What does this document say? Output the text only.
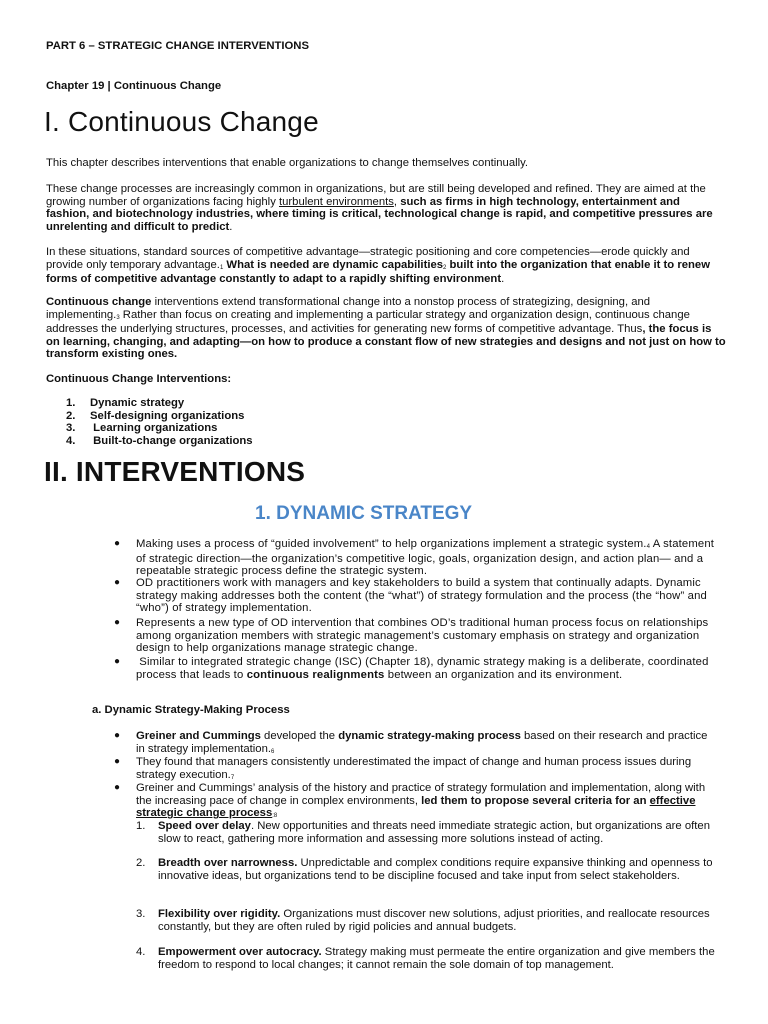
PART 6 – STRATEGIC CHANGE INTERVENTIONS
Chapter 19 | Continuous Change
I. Continuous Change
This chapter describes interventions that enable organizations to change themselves continually.
These change processes are increasingly common in organizations, but are still being developed and refined. They are aimed at the growing number of organizations facing highly turbulent environments, such as firms in high technology, entertainment and fashion, and biotechnology industries, where timing is critical, technological change is rapid, and competitive pressures are unrelenting and difficult to predict.
In these situations, standard sources of competitive advantage—strategic positioning and core competencies—erode quickly and provide only temporary advantage.1 What is needed are dynamic capabilities2 built into the organization that enable it to renew forms of competitive advantage constantly to adapt to a rapidly shifting environment.
Continuous change interventions extend transformational change into a nonstop process of strategizing, designing, and implementing.3 Rather than focus on creating and implementing a particular strategy and organization design, continuous change addresses the underlying structures, processes, and activities for generating new forms of competitive advantage. Thus, the focus is on learning, changing, and adapting—on how to produce a constant flow of new strategies and designs and not just on how to transform existing ones.
Continuous Change Interventions:
1. Dynamic strategy
2. Self-designing organizations
3. Learning organizations
4. Built-to-change organizations
II. INTERVENTIONS
1. DYNAMIC STRATEGY
● Making uses a process of “guided involvement” to help organizations implement a strategic system.4 A statement of strategic direction—the organization’s competitive logic, goals, organization design, and action plan— and a repeatable strategic process define the strategic system.
● OD practitioners work with managers and key stakeholders to build a system that continually adapts. Dynamic strategy making addresses both the content (the “what”) of strategy formulation and the process (the “how” and “who”) of strategy implementation.
● Represents a new type of OD intervention that combines OD’s traditional human process focus on relationships among organization members with strategic management’s customary emphasis on strategy and organization design to help organizations manage strategic change.
● Similar to integrated strategic change (ISC) (Chapter 18), dynamic strategy making is a deliberate, coordinated process that leads to continuous realignments between an organization and its environment.
a. Dynamic Strategy-Making Process
● Greiner and Cummings developed the dynamic strategy-making process based on their research and practice in strategy implementation.6
● They found that managers consistently underestimated the impact of change and human process issues during strategy execution.7
● Greiner and Cummings’ analysis of the history and practice of strategy formulation and implementation, along with the increasing pace of change in complex environments, led them to propose several criteria for an effective strategic change process:8
1. Speed over delay. New opportunities and threats need immediate strategic action, but organizations are often slow to react, gathering more information and assessing more solutions instead of acting.
2. Breadth over narrowness. Unpredictable and complex conditions require expansive thinking and openness to innovative ideas, but organizations tend to be discipline focused and take input from select stakeholders.
3. Flexibility over rigidity. Organizations must discover new solutions, adjust priorities, and reallocate resources constantly, but they are often ruled by rigid policies and annual budgets.
4. Empowerment over autocracy. Strategy making must permeate the entire organization and give members the freedom to respond to local changes; it cannot remain the sole domain of top management.
